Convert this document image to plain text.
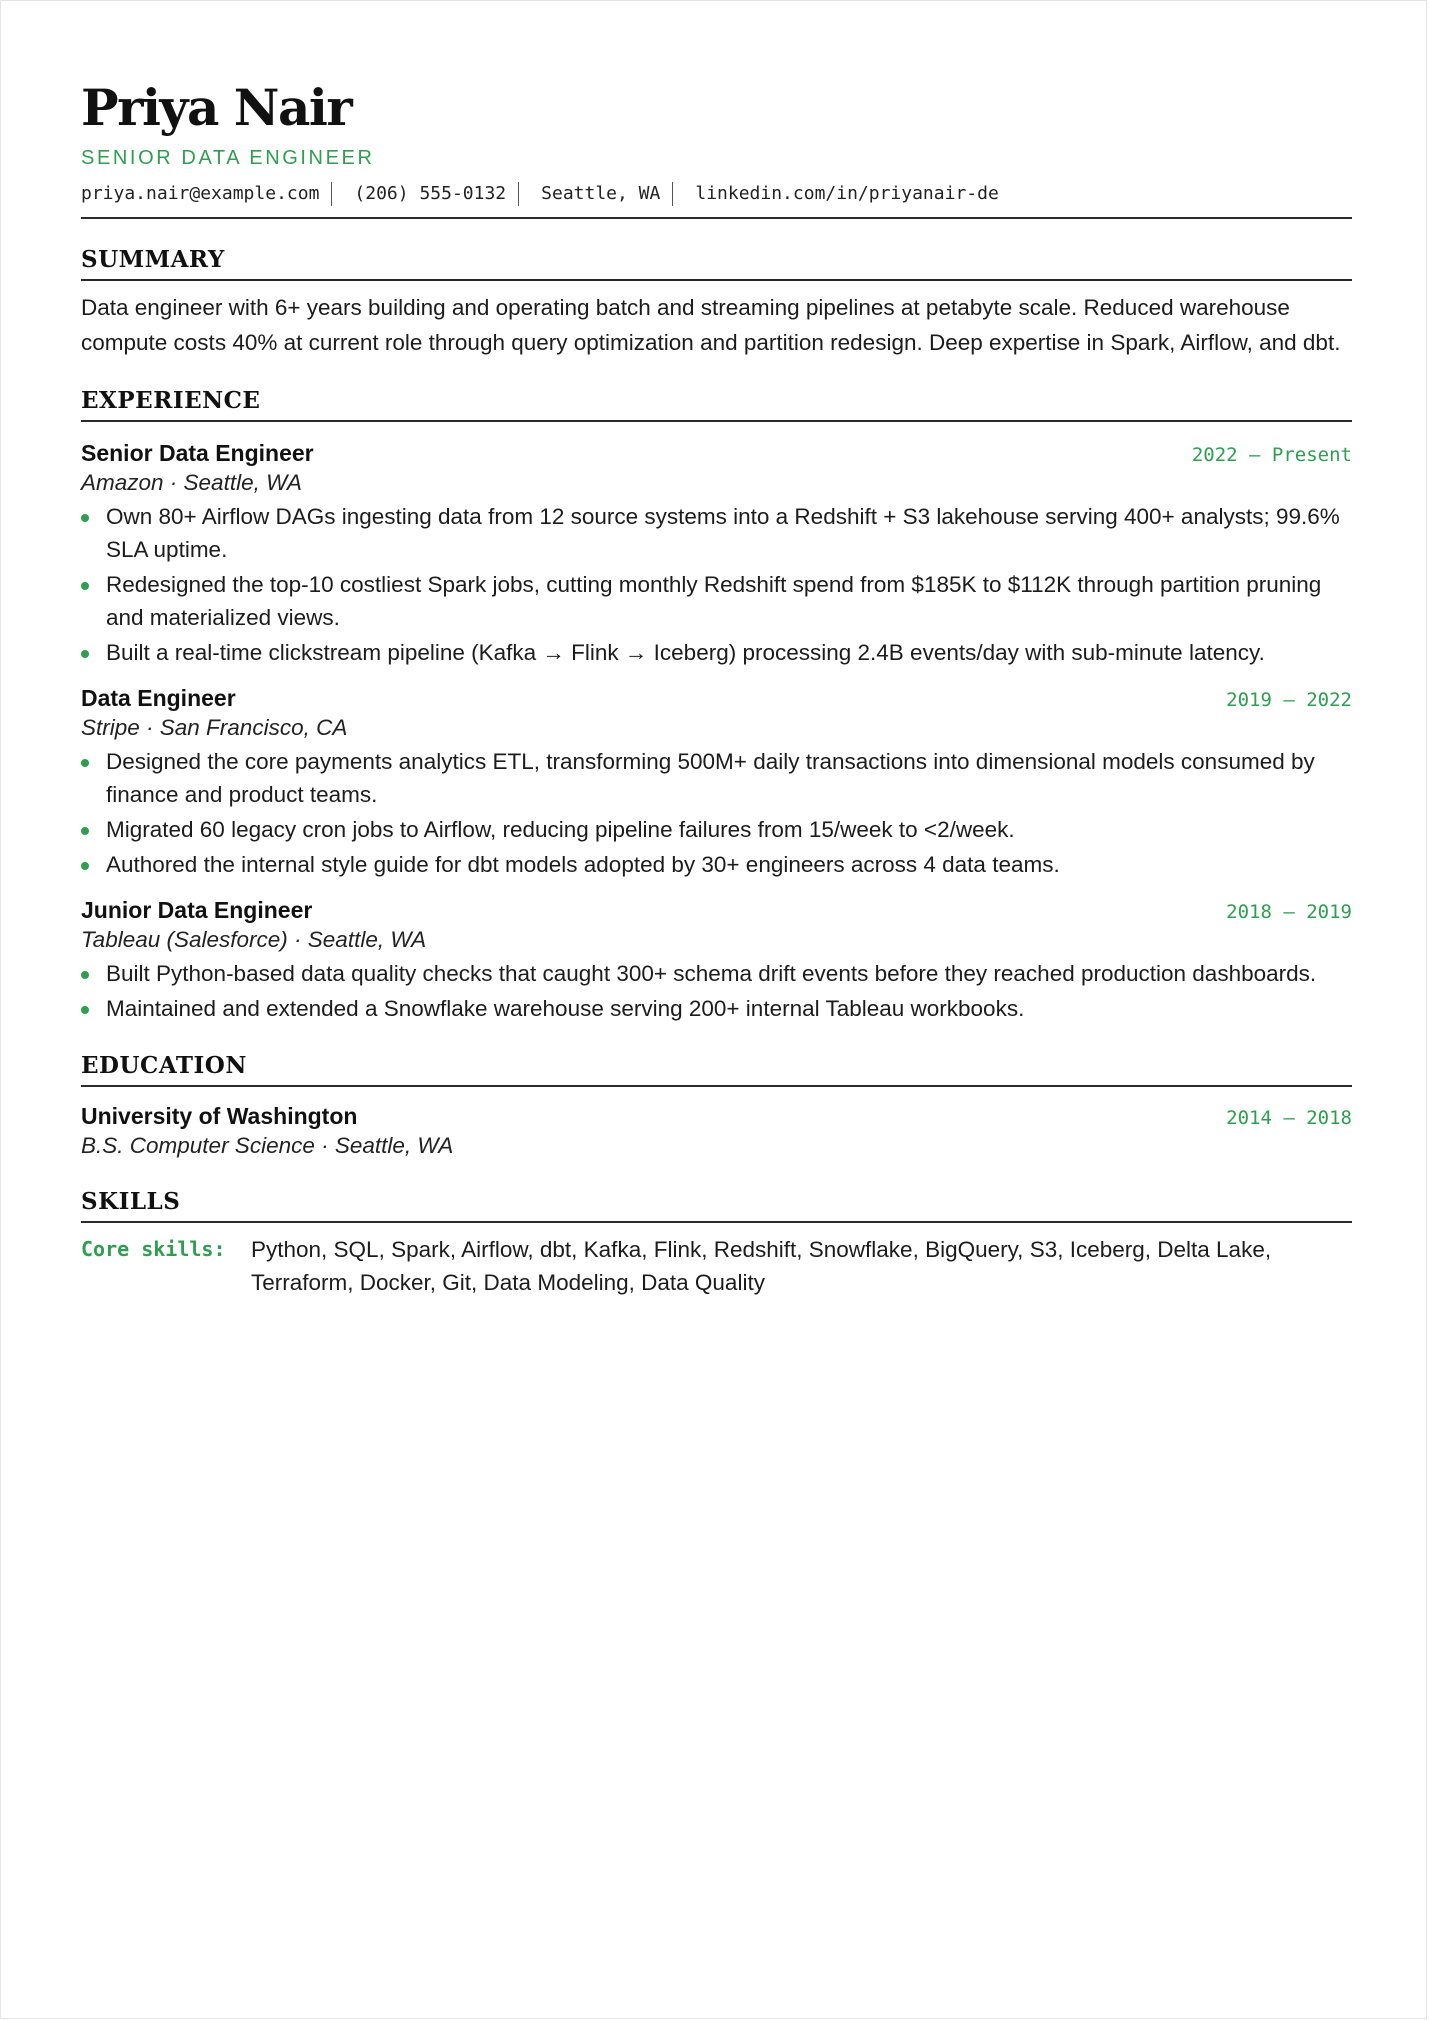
Priya Nair
SENIOR DATA ENGINEER
priya.nair@example.com (206) 555-0132 Seattle, WA linkedin.com/in/priyanair-de
SUMMARY
Data engineer with 6+ years building and operating batch and streaming pipelines at petabyte scale. Reduced warehouse compute costs 40% at current role through query optimization and partition redesign. Deep expertise in Spark, Airflow, and dbt.
EXPERIENCE
Senior Data Engineer	2022 – Present
Amazon · Seattle, WA
Own 80+ Airflow DAGs ingesting data from 12 source systems into a Redshift + S3 lakehouse serving 400+ analysts; 99.6% SLA uptime.
Redesigned the top-10 costliest Spark jobs, cutting monthly Redshift spend from $185K to $112K through partition pruning and materialized views.
Built a real-time clickstream pipeline (Kafka → Flink → Iceberg) processing 2.4B events/day with sub-minute latency.
Data Engineer	2019 – 2022
Stripe · San Francisco, CA
Designed the core payments analytics ETL, transforming 500M+ daily transactions into dimensional models consumed by finance and product teams.
Migrated 60 legacy cron jobs to Airflow, reducing pipeline failures from 15/week to <2/week.
Authored the internal style guide for dbt models adopted by 30+ engineers across 4 data teams.
Junior Data Engineer	2018 – 2019
Tableau (Salesforce) · Seattle, WA
Built Python-based data quality checks that caught 300+ schema drift events before they reached production dashboards.
Maintained and extended a Snowflake warehouse serving 200+ internal Tableau workbooks.
EDUCATION
University of Washington	2014 – 2018
B.S. Computer Science · Seattle, WA
SKILLS
Core skills:	Python, SQL, Spark, Airflow, dbt, Kafka, Flink, Redshift, Snowflake, BigQuery, S3, Iceberg, Delta Lake, Terraform, Docker, Git, Data Modeling, Data Quality
